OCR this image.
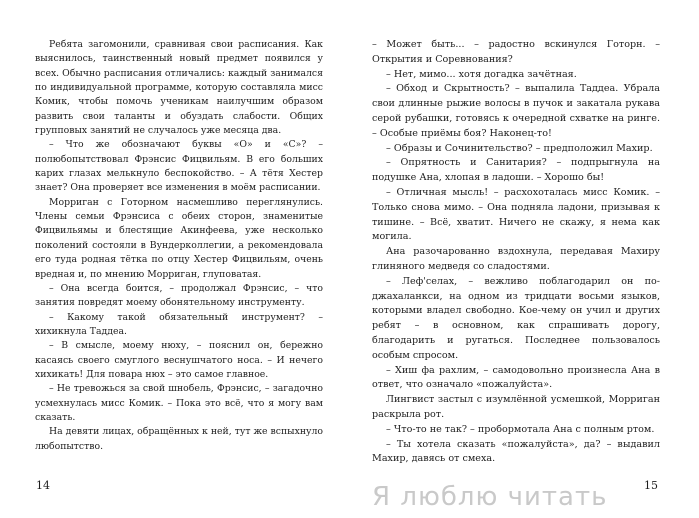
Ребята загомонили, сравнивая свои расписания. Как выяснилось, таинственный новый предмет появился у всех. Обычно расписания отличались: каждый занимался по индивидуальной программе, которую составляла мисс Комик, чтобы помочь ученикам наилучшим образом развить свои таланты и обуздать слабости. Общих групповых занятий не случалось уже месяца два.

– Что же обозначают буквы «О» и «С»? – полюбопытствовал Фрэнсис Фицвильям. В его больших карих глазах мелькнуло беспокойство. – А тётя Хестер знает? Она проверяет все изменения в моём расписании.

Морриган с Готорном насмешливо переглянулись. Члены семьи Фрэнсиса с обеих сторон, знаменитые Фицвильямы и блестящие Акинфеева, уже несколько поколений состояли в Вундерколлегии, а рекомендовала его туда родная тётка по отцу Хестер Фицвильям, очень вредная и, по мнению Морриган, глуповатая.

– Она всегда боится, – продолжал Фрэнсис, – что занятия повредят моему обонятельному инструменту.

– Какому такой обязательный инструмент? – хихикнула Таддеа.

– В смысле, моему нюху, – пояснил он, бережно касаясь своего смуглого веснушчатого носа. – И нечего хихикать! Для повара нюх – это самое главное.

– Не тревожься за свой шнобель, Фрэнсис, – загадочно усмехнулась мисс Комик. – Пока это всё, что я могу вам сказать.

На девяти лицах, обращённых к ней, тут же вспыхнуло любопытство.

– Может быть... – радостно вскинулся Готорн. – Открытия и Соревнования?

– Нет, мимо... хотя догадка зачётная.

– Обход и Скрытность? – выпалила Таддеа. Убрала свои длинные рыжие волосы в пучок и закатала рукава серой рубашки, готовясь к очередной схватке на ринге. – Особые приёмы боя? Наконец-то!

– Образы и Сочинительство? – предположил Махир.

– Опрятность и Санитария? – подпрыгнула на подушке Ана, хлопая в ладоши. – Хорошо бы!

– Отличная мысль! – расхохоталась мисс Комик. – Только снова мимо. – Она подняла ладони, призывая к тишине. – Всё, хватит. Ничего не скажу, я нема как могила.

Ана разочарованно вздохнула, передавая Махиру глиняного медведя со сладостями.

– Леф'селах, – вежливо поблагодарил он по-джахаланкси, на одном из тридцати восьми языков, которыми владел свободно. Кое-чему он учил и других ребят – в основном, как спрашивать дорогу, благодарить и ругаться. Последнее пользовалось особым спросом.

– Хиш фа рахлим, – самодовольно произнесла Ана в ответ, что означало «пожалуйста».

Лингвист застыл с изумлённой усмешкой, Морриган раскрыла рот.

– Что-то не так? – пробормотала Ана с полным ртом.

– Ты хотела сказать «пожалуйста», да? – выдавил Махир, давясь от смеха.

14	Я люблю читать	15
